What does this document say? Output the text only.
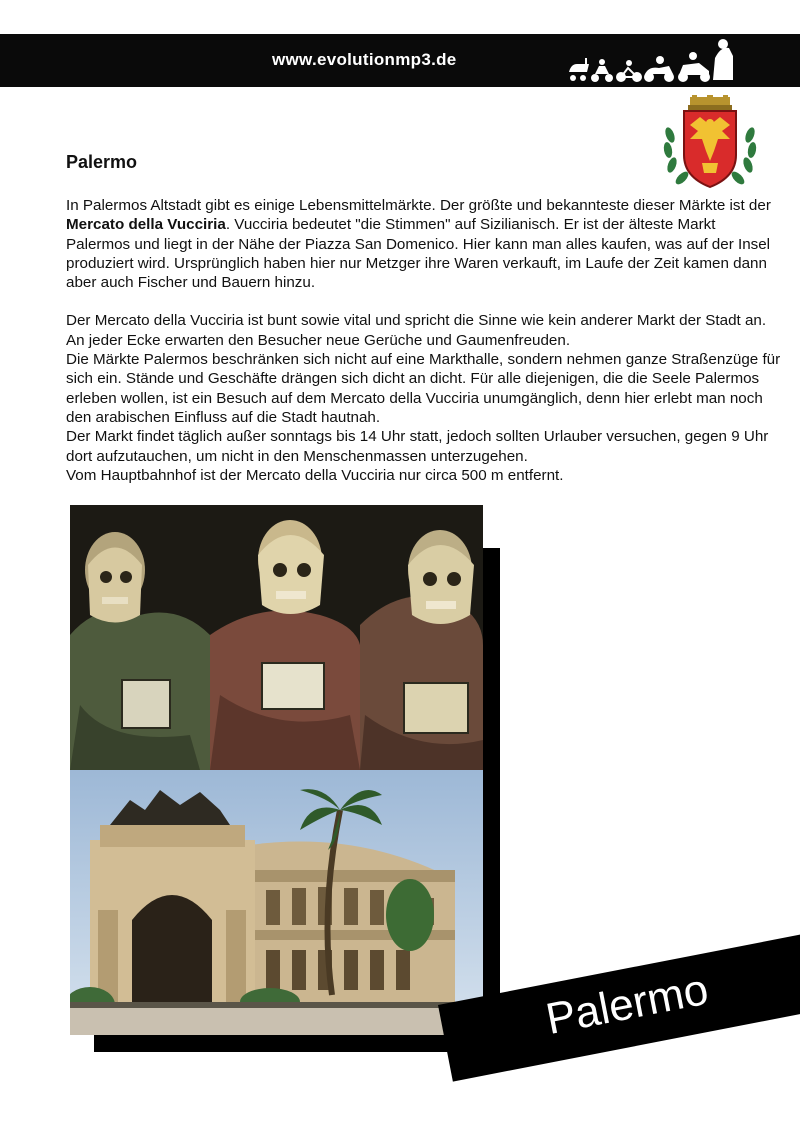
www.evolutionmp3.de
Palermo

In Palermos Altstadt gibt es einige Lebensmittelmärkte. Der größte und bekannteste dieser Märkte ist der Mercato della Vucciria. Vucciria bedeutet "die Stimmen" auf Sizilianisch. Er ist der älteste Markt Palermos und liegt in der Nähe der Piazza San Domenico. Hier kann man alles kaufen, was auf der Insel produziert wird. Ursprünglich haben hier nur Metzger ihre Waren verkauft, im Laufe der Zeit kamen dann aber auch Fischer und Bauern hinzu.

Der Mercato della Vucciria ist bunt sowie vital und spricht die Sinne wie kein anderer Markt der Stadt an. An jeder Ecke erwarten den Besucher neue Gerüche und Gaumenfreuden.

Die Märkte Palermos beschränken sich nicht auf eine Markthalle, sondern nehmen ganze Straßenzüge für sich ein. Stände und Geschäfte drängen sich dicht an dicht. Für alle diejenigen, die die Seele Palermos erleben wollen, ist ein Besuch auf dem Mercato della Vucciria unumgänglich, denn hier erlebt man noch den arabischen Einfluss auf die Stadt hautnah.

Der Markt findet täglich außer sonntags bis 14 Uhr statt, jedoch sollten Urlauber versuchen, gegen 9 Uhr dort aufzutauchen, um nicht in den Menschenmassen unterzugehen.

Vom Hauptbahnhof ist der Mercato della Vucciria nur circa 500 m entfernt.

Palermo
